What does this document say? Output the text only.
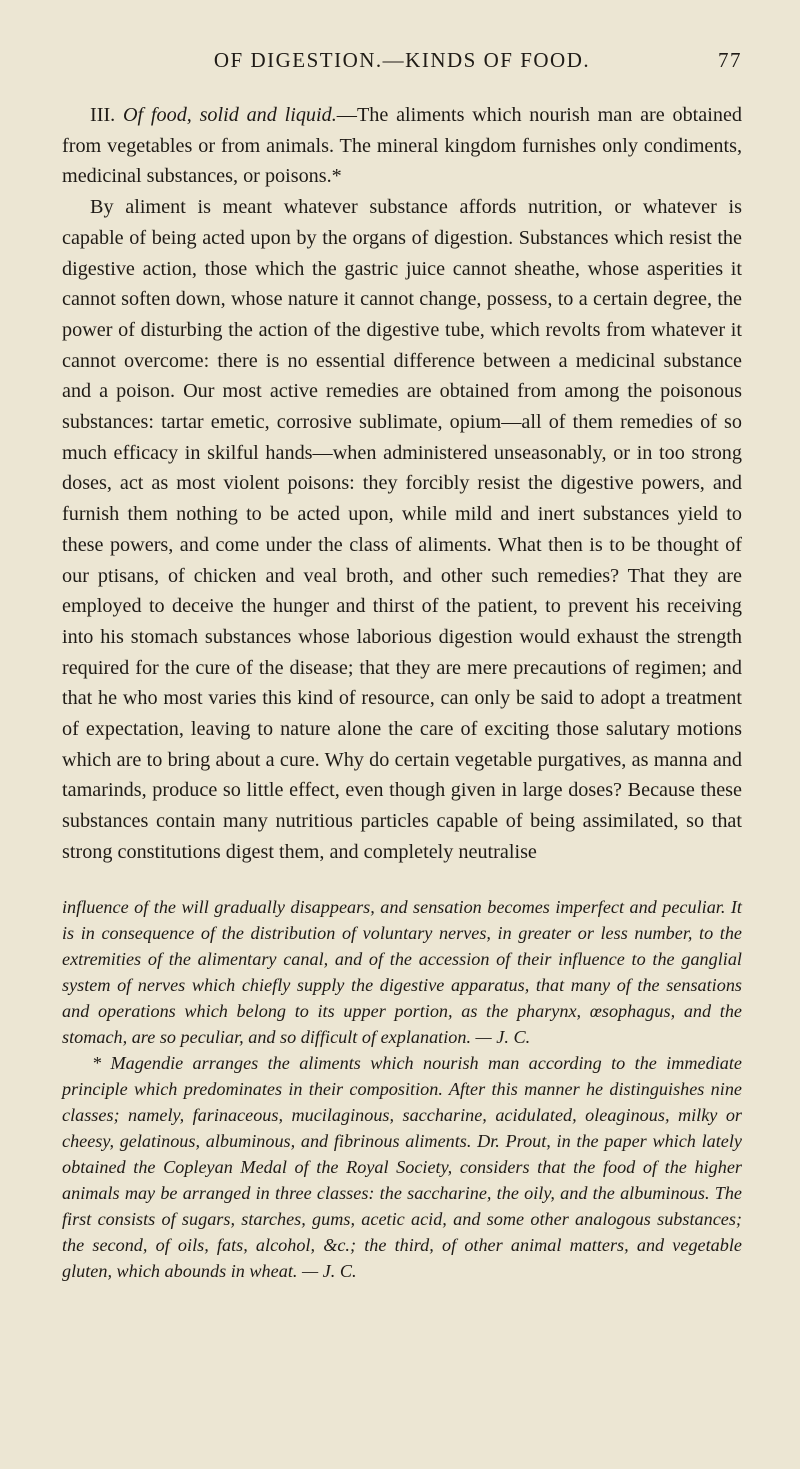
OF DIGESTION.—KINDS OF FOOD.	77

III. Of food, solid and liquid.—The aliments which nourish man are obtained from vegetables or from animals. The mineral kingdom furnishes only condiments, medicinal substances, or poisons.*

By aliment is meant whatever substance affords nutrition, or whatever is capable of being acted upon by the organs of digestion. Substances which resist the digestive action, those which the gastric juice cannot sheathe, whose asperities it cannot soften down, whose nature it cannot change, possess, to a certain degree, the power of disturbing the action of the digestive tube, which revolts from whatever it cannot overcome: there is no essential difference between a medicinal substance and a poison. Our most active remedies are obtained from among the poisonous substances: tartar emetic, corrosive sublimate, opium—all of them remedies of so much efficacy in skilful hands—when administered unseasonably, or in too strong doses, act as most violent poisons: they forcibly resist the digestive powers, and furnish them nothing to be acted upon, while mild and inert substances yield to these powers, and come under the class of aliments. What then is to be thought of our ptisans, of chicken and veal broth, and other such remedies? That they are employed to deceive the hunger and thirst of the patient, to prevent his receiving into his stomach substances whose laborious digestion would exhaust the strength required for the cure of the disease; that they are mere precautions of regimen; and that he who most varies this kind of resource, can only be said to adopt a treatment of expectation, leaving to nature alone the care of exciting those salutary motions which are to bring about a cure. Why do certain vegetable purgatives, as manna and tamarinds, produce so little effect, even though given in large doses? Because these substances contain many nutritious particles capable of being assimilated, so that strong constitutions digest them, and completely neutralise

influence of the will gradually disappears, and sensation becomes imperfect and peculiar. It is in consequence of the distribution of voluntary nerves, in greater or less number, to the extremities of the alimentary canal, and of the accession of their influence to the ganglial system of nerves which chiefly supply the digestive apparatus, that many of the sensations and operations which belong to its upper portion, as the pharynx, œsophagus, and the stomach, are so peculiar, and so difficult of explanation. — J. C.

* Magendie arranges the aliments which nourish man according to the immediate principle which predominates in their composition. After this manner he distinguishes nine classes; namely, farinaceous, mucilaginous, saccharine, acidulated, oleaginous, milky or cheesy, gelatinous, albuminous, and fibrinous aliments. Dr. Prout, in the paper which lately obtained the Copleyan Medal of the Royal Society, considers that the food of the higher animals may be arranged in three classes: the saccharine, the oily, and the albuminous. The first consists of sugars, starches, gums, acetic acid, and some other analogous substances; the second, of oils, fats, alcohol, &c.; the third, of other animal matters, and vegetable gluten, which abounds in wheat. — J. C.
